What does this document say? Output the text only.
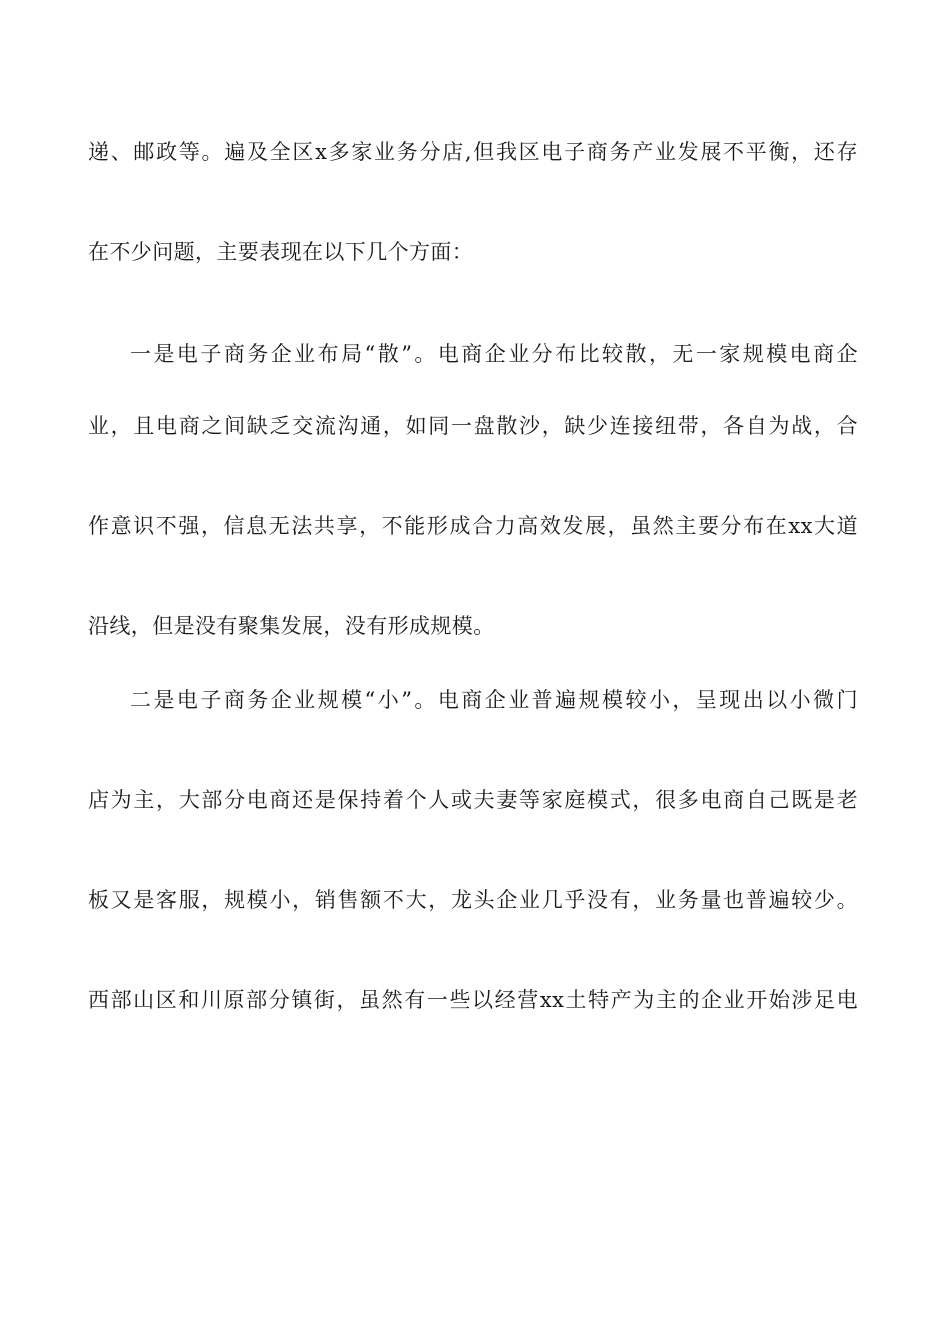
递、邮政等。遍及全区x多家业务分店,但我区电子商务产业发展不平衡，还存
在不少问题，主要表现在以下几个方面：
一是电子商务企业布局“散”。电商企业分布比较散，无一家规模电商企
业，且电商之间缺乏交流沟通，如同一盘散沙，缺少连接纽带，各自为战，合
作意识不强，信息无法共享，不能形成合力高效发展，虽然主要分布在xx大道
沿线，但是没有聚集发展，没有形成规模。
二是电子商务企业规模“小”。电商企业普遍规模较小，呈现出以小微门
店为主，大部分电商还是保持着个人或夫妻等家庭模式，很多电商自己既是老
板又是客服，规模小，销售额不大，龙头企业几乎没有，业务量也普遍较少。
西部山区和川原部分镇街，虽然有一些以经营xx土特产为主的企业开始涉足电
